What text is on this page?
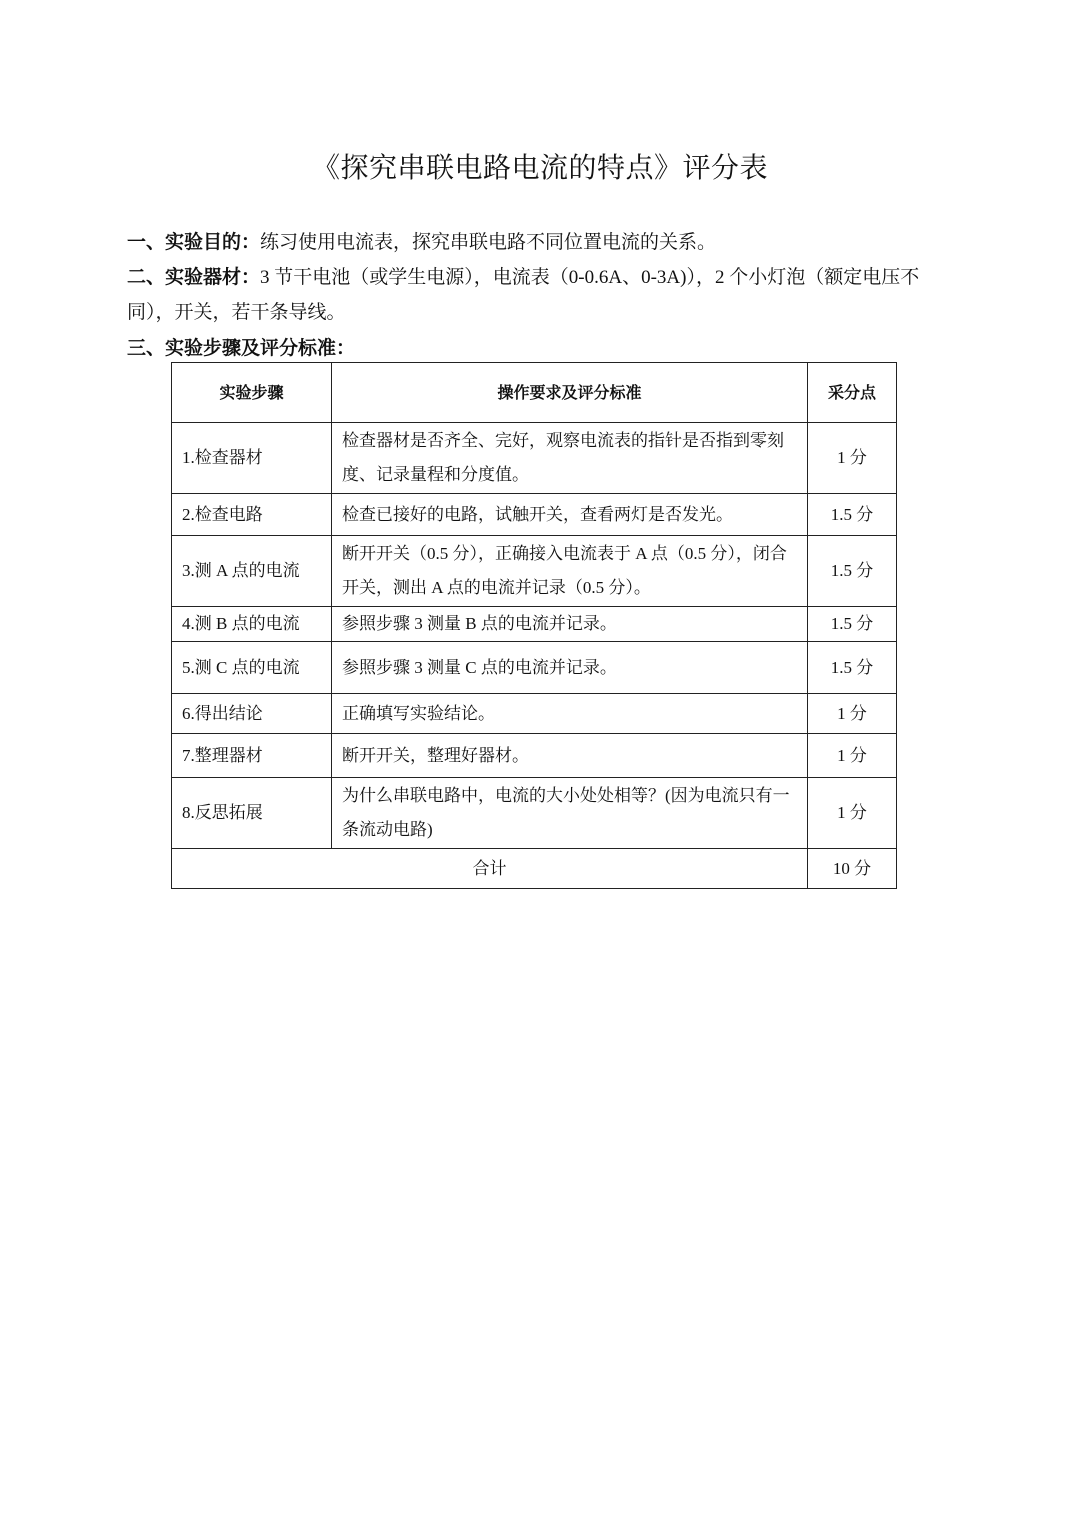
《探究串联电路电流的特点》评分表
一、实验目的：练习使用电流表，探究串联电路不同位置电流的关系。
二、实验器材：3 节干电池（或学生电源），电流表（0-0.6A、0-3A)），2 个小灯泡（额定电压不同），开关，若干条导线。
三、实验步骤及评分标准：
实验步骤	操作要求及评分标准	采分点
1.检查器材	检查器材是否齐全、完好，观察电流表的指针是否指到零刻度、记录量程和分度值。	1 分
2.检查电路	检查已接好的电路，试触开关，查看两灯是否发光。	1.5 分
3.测 A 点的电流	断开开关（0.5 分），正确接入电流表于 A 点（0.5 分），闭合开关，测出 A 点的电流并记录（0.5 分）。	1.5 分
4.测 B 点的电流	参照步骤 3 测量 B 点的电流并记录。	1.5 分
5.测 C 点的电流	参照步骤 3 测量 C 点的电流并记录。	1.5 分
6.得出结论	正确填写实验结论。	1 分
7.整理器材	断开开关，整理好器材。	1 分
8.反思拓展	为什么串联电路中，电流的大小处处相等？(因为电流只有一条流动电路)	1 分
合计		10 分
